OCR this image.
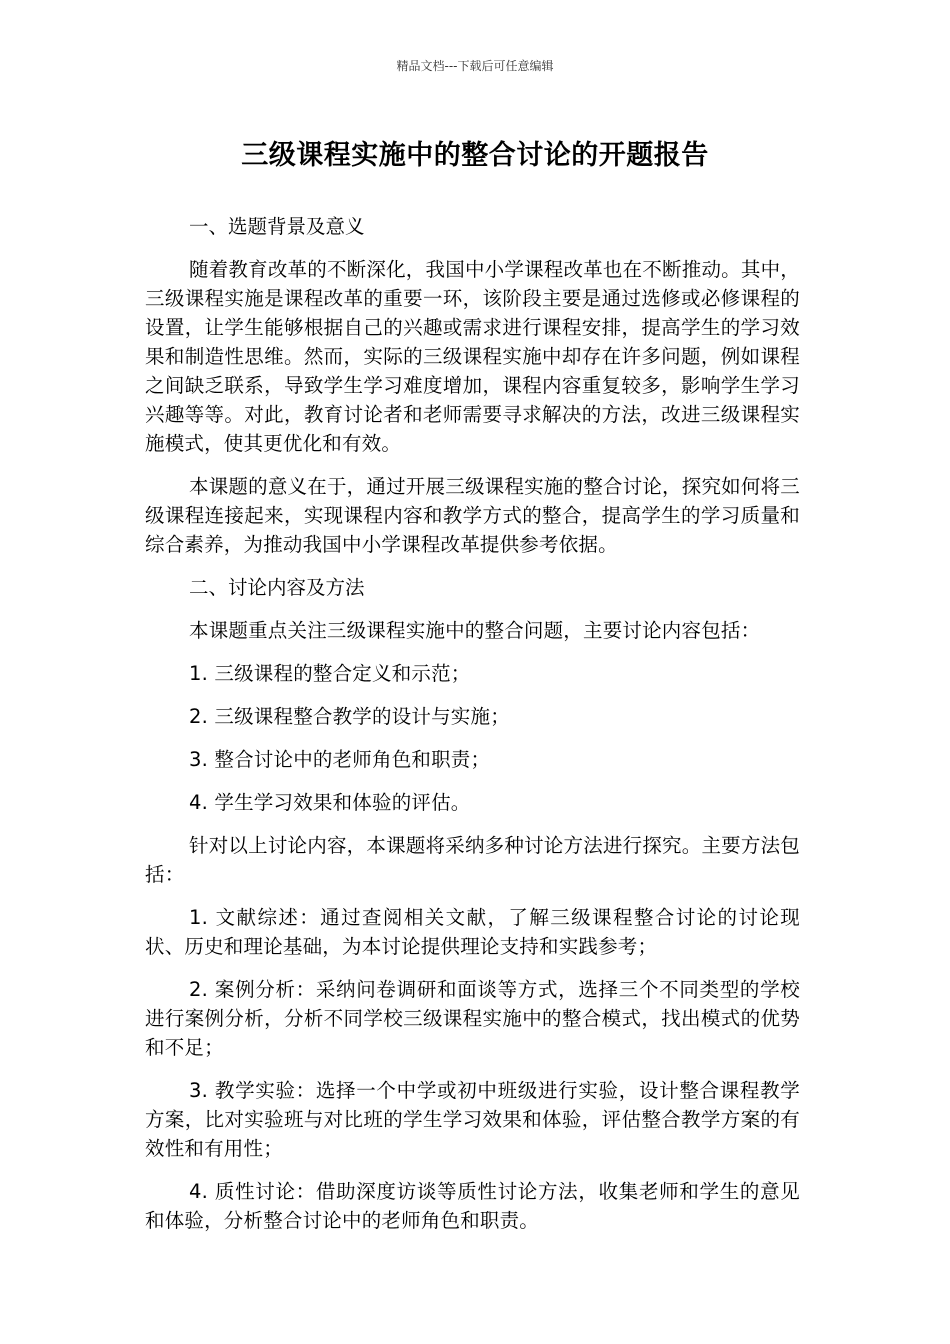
精品文档---下载后可任意编辑
三级课程实施中的整合讨论的开题报告

一、选题背景及意义

随着教育改革的不断深化，我国中小学课程改革也在不断推动。其中，三级课程实施是课程改革的重要一环，该阶段主要是通过选修或必修课程的设置，让学生能够根据自己的兴趣或需求进行课程安排，提高学生的学习效果和制造性思维。然而，实际的三级课程实施中却存在许多问题，例如课程之间缺乏联系，导致学生学习难度增加，课程内容重复较多，影响学生学习兴趣等等。对此，教育讨论者和老师需要寻求解决的方法，改进三级课程实施模式，使其更优化和有效。

本课题的意义在于，通过开展三级课程实施的整合讨论，探究如何将三级课程连接起来，实现课程内容和教学方式的整合，提高学生的学习质量和综合素养，为推动我国中小学课程改革提供参考依据。

二、讨论内容及方法

本课题重点关注三级课程实施中的整合问题，主要讨论内容包括：

1. 三级课程的整合定义和示范；

2. 三级课程整合教学的设计与实施；

3. 整合讨论中的老师角色和职责；

4. 学生学习效果和体验的评估。

针对以上讨论内容，本课题将采纳多种讨论方法进行探究。主要方法包括：

1. 文献综述：通过查阅相关文献，了解三级课程整合讨论的讨论现状、历史和理论基础，为本讨论提供理论支持和实践参考；

2. 案例分析：采纳问卷调研和面谈等方式，选择三个不同类型的学校进行案例分析，分析不同学校三级课程实施中的整合模式，找出模式的优势和不足；

3. 教学实验：选择一个中学或初中班级进行实验，设计整合课程教学方案，比对实验班与对比班的学生学习效果和体验，评估整合教学方案的有效性和有用性；

4. 质性讨论：借助深度访谈等质性讨论方法，收集老师和学生的意见和体验，分析整合讨论中的老师角色和职责。
